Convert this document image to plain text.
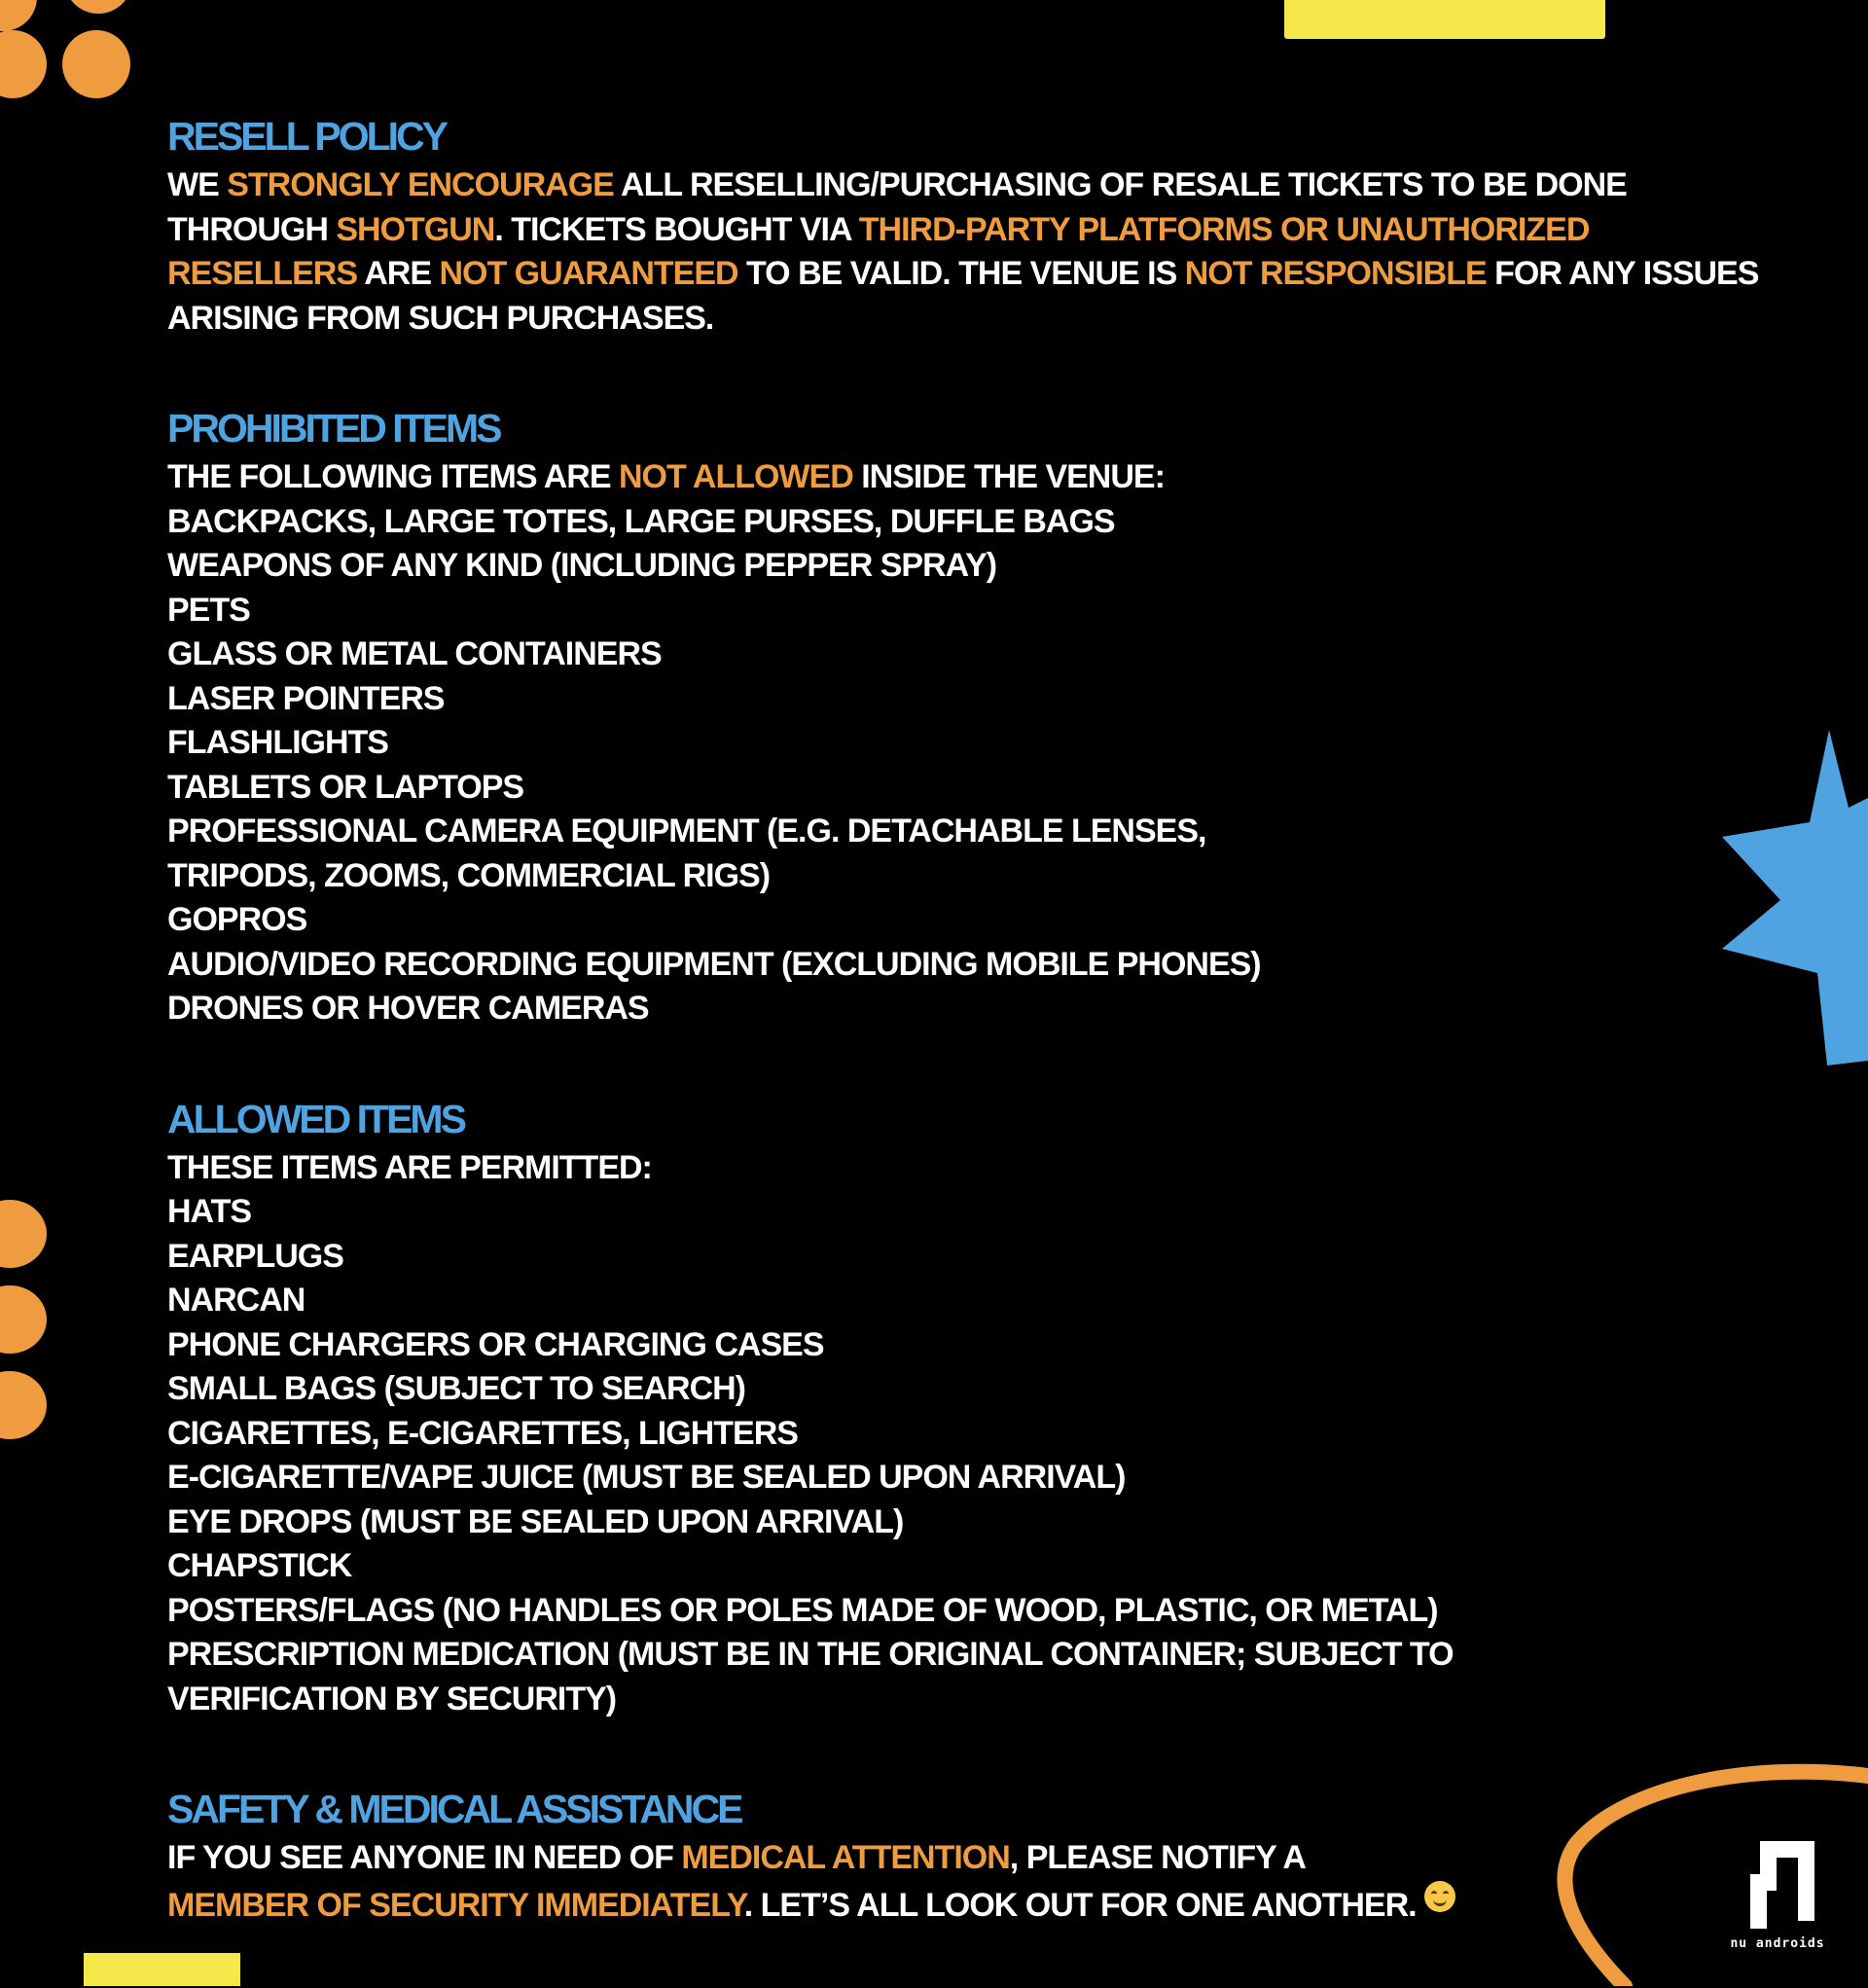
RESELL POLICY

WE STRONGLY ENCOURAGE ALL RESELLING/PURCHASING OF RESALE TICKETS TO BE DONE

THROUGH SHOTGUN. TICKETS BOUGHT VIA THIRD-PARTY PLATFORMS OR UNAUTHORIZED

RESELLERS ARE NOT GUARANTEED TO BE VALID. THE VENUE IS NOT RESPONSIBLE FOR ANY ISSUES

ARISING FROM SUCH PURCHASES.

PROHIBITED ITEMS

THE FOLLOWING ITEMS ARE NOT ALLOWED INSIDE THE VENUE:

BACKPACKS, LARGE TOTES, LARGE PURSES, DUFFLE BAGS

WEAPONS OF ANY KIND (INCLUDING PEPPER SPRAY)

PETS

GLASS OR METAL CONTAINERS

LASER POINTERS

FLASHLIGHTS

TABLETS OR LAPTOPS

PROFESSIONAL CAMERA EQUIPMENT (E.G. DETACHABLE LENSES,

TRIPODS, ZOOMS, COMMERCIAL RIGS)

GOPROS

AUDIO/VIDEO RECORDING EQUIPMENT (EXCLUDING MOBILE PHONES)

DRONES OR HOVER CAMERAS

ALLOWED ITEMS

THESE ITEMS ARE PERMITTED:

HATS

EARPLUGS

NARCAN

PHONE CHARGERS OR CHARGING CASES

SMALL BAGS (SUBJECT TO SEARCH)

CIGARETTES, E-CIGARETTES, LIGHTERS

E-CIGARETTE/VAPE JUICE (MUST BE SEALED UPON ARRIVAL)

EYE DROPS (MUST BE SEALED UPON ARRIVAL)

CHAPSTICK

POSTERS/FLAGS (NO HANDLES OR POLES MADE OF WOOD, PLASTIC, OR METAL)

PRESCRIPTION MEDICATION (MUST BE IN THE ORIGINAL CONTAINER; SUBJECT TO

VERIFICATION BY SECURITY)

SAFETY & MEDICAL ASSISTANCE

IF YOU SEE ANYONE IN NEED OF MEDICAL ATTENTION, PLEASE NOTIFY A

MEMBER OF SECURITY IMMEDIATELY. LET’S ALL LOOK OUT FOR ONE ANOTHER.

nu androids
